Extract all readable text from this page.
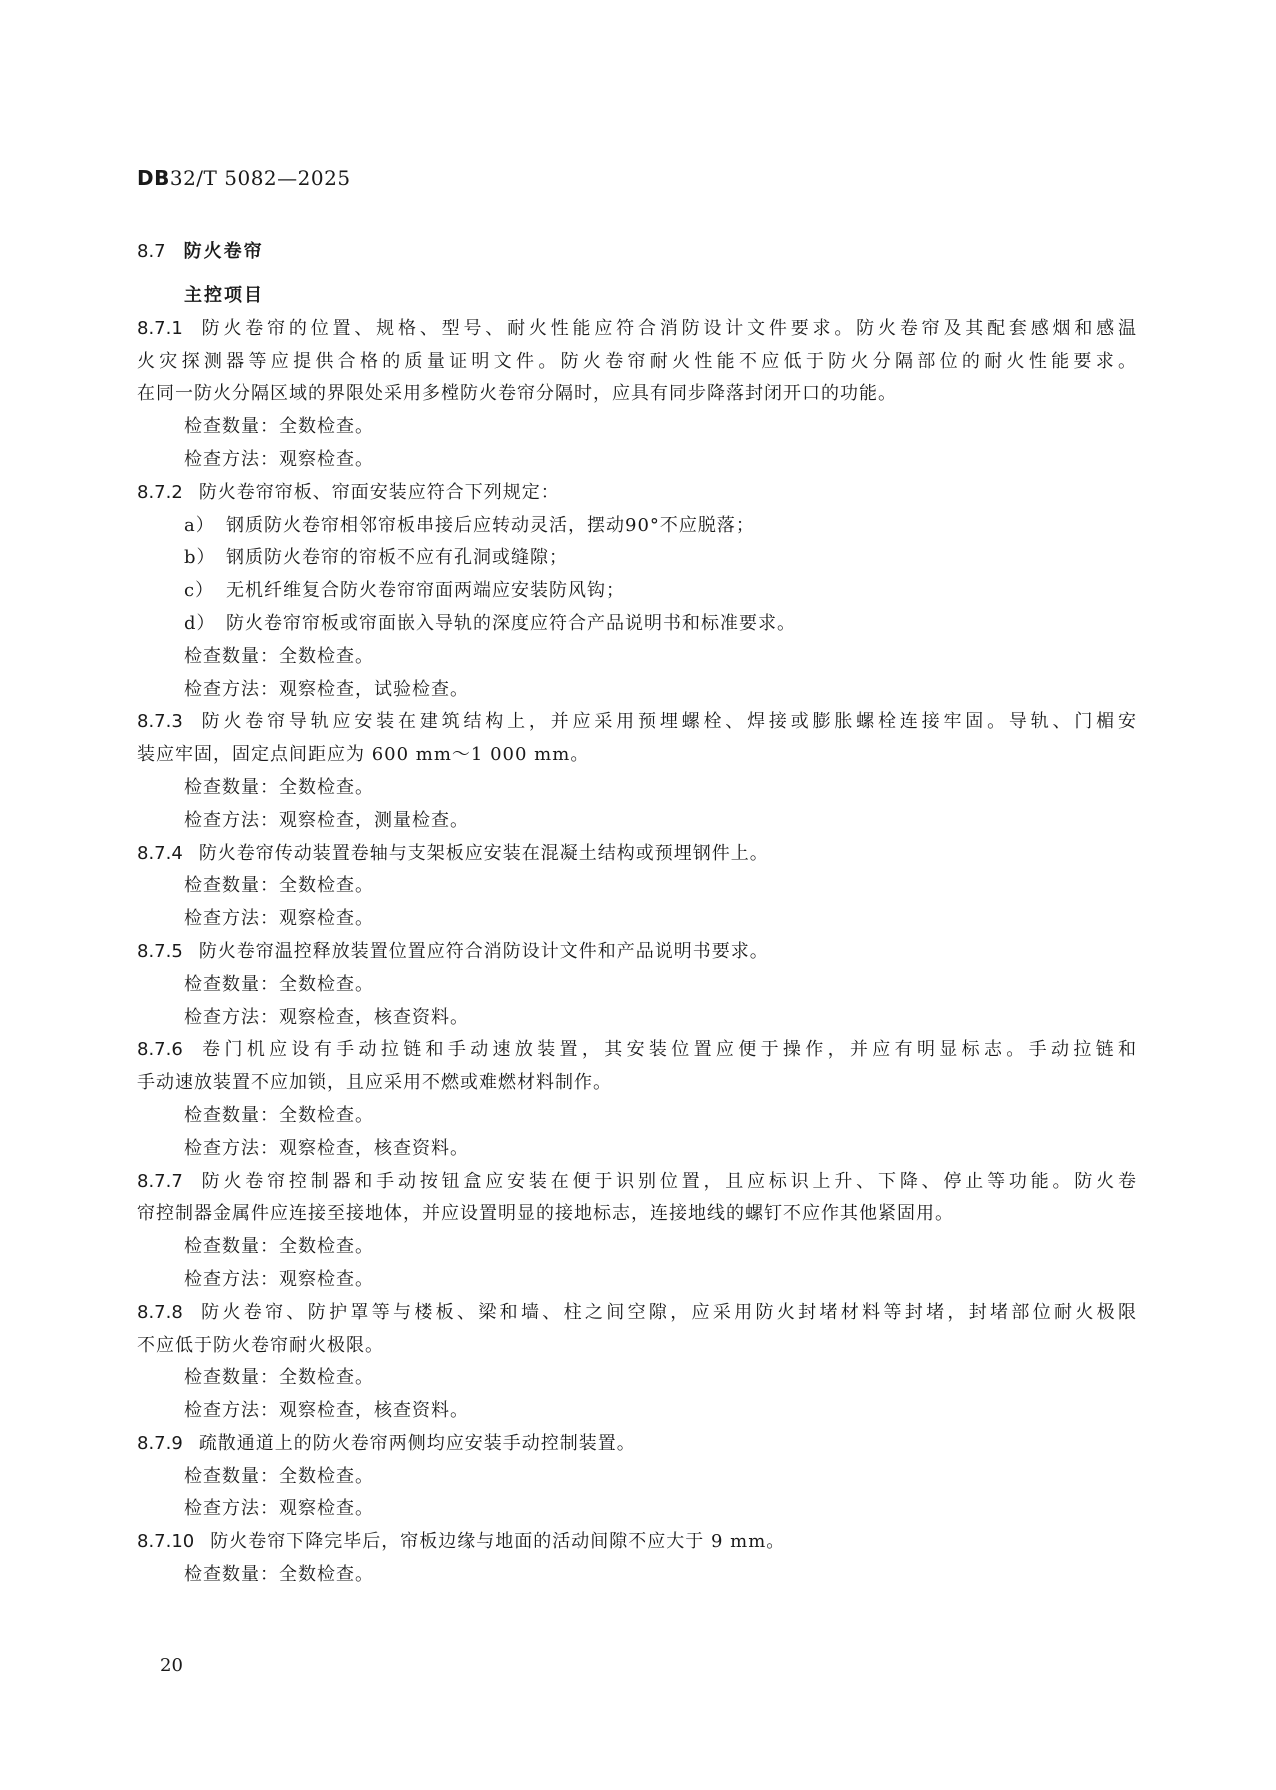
DB32/T 5082—2025
8.7 防火卷帘
主控项目
8.7.1 防火卷帘的位置、规格、型号、耐火性能应符合消防设计文件要求。防火卷帘及其配套感烟和感温
火灾探测器等应提供合格的质量证明文件。防火卷帘耐火性能不应低于防火分隔部位的耐火性能要求。
在同一防火分隔区域的界限处采用多樘防火卷帘分隔时，应具有同步降落封闭开口的功能。
检查数量：全数检查。
检查方法：观察检查。
8.7.2 防火卷帘帘板、帘面安装应符合下列规定：
a） 钢质防火卷帘相邻帘板串接后应转动灵活，摆动90°不应脱落；
b） 钢质防火卷帘的帘板不应有孔洞或缝隙；
c） 无机纤维复合防火卷帘帘面两端应安装防风钩；
d） 防火卷帘帘板或帘面嵌入导轨的深度应符合产品说明书和标准要求。
检查数量：全数检查。
检查方法：观察检查，试验检查。
8.7.3 防火卷帘导轨应安装在建筑结构上，并应采用预埋螺栓、焊接或膨胀螺栓连接牢固。导轨、门楣安
装应牢固，固定点间距应为 600 mm～1 000 mm。
检查数量：全数检查。
检查方法：观察检查，测量检查。
8.7.4 防火卷帘传动装置卷轴与支架板应安装在混凝土结构或预埋钢件上。
检查数量：全数检查。
检查方法：观察检查。
8.7.5 防火卷帘温控释放装置位置应符合消防设计文件和产品说明书要求。
检查数量：全数检查。
检查方法：观察检查，核查资料。
8.7.6 卷门机应设有手动拉链和手动速放装置，其安装位置应便于操作，并应有明显标志。手动拉链和
手动速放装置不应加锁，且应采用不燃或难燃材料制作。
检查数量：全数检查。
检查方法：观察检查，核查资料。
8.7.7 防火卷帘控制器和手动按钮盒应安装在便于识别位置，且应标识上升、下降、停止等功能。防火卷
帘控制器金属件应连接至接地体，并应设置明显的接地标志，连接地线的螺钉不应作其他紧固用。
检查数量：全数检查。
检查方法：观察检查。
8.7.8 防火卷帘、防护罩等与楼板、梁和墙、柱之间空隙，应采用防火封堵材料等封堵，封堵部位耐火极限
不应低于防火卷帘耐火极限。
检查数量：全数检查。
检查方法：观察检查，核查资料。
8.7.9 疏散通道上的防火卷帘两侧均应安装手动控制装置。
检查数量：全数检查。
检查方法：观察检查。
8.7.10 防火卷帘下降完毕后，帘板边缘与地面的活动间隙不应大于 9 mm。
检查数量：全数检查。
20
